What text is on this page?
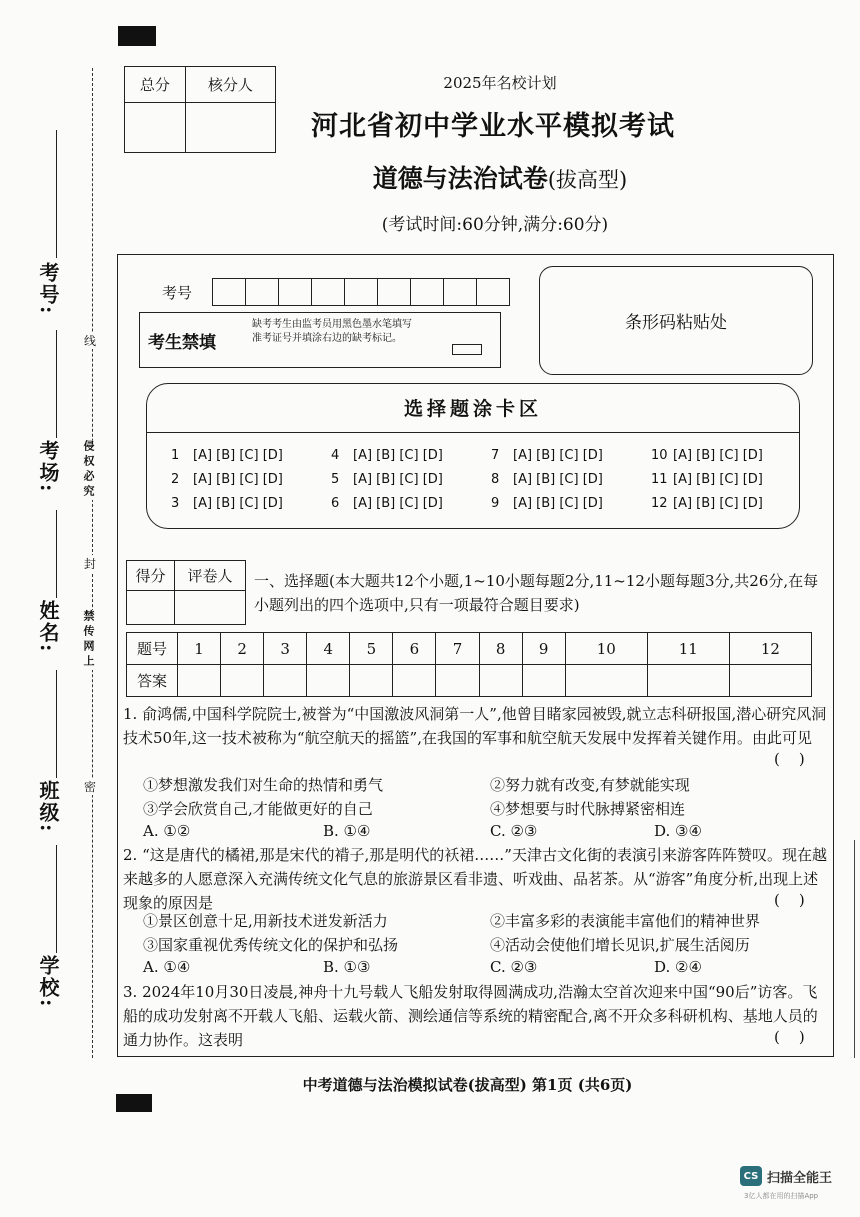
考号:
考场:
姓名:
班级:
学校:
线
侵权必究
封
禁传网上
密
总分	核分人
		2025年名校计划
河北省初中学业水平模拟考试
道德与法治试卷(拔高型)
(考试时间:60分钟,满分:60分)
考号
考生禁填
缺考考生由监考员用黑色墨水笔填写准考证号并填涂右边的缺考标记。
条形码粘贴处
选择题涂卡区
1 [A] [B] [C] [D]
2 [A] [B] [C] [D]
3 [A] [B] [C] [D]
4 [A] [B] [C] [D]
5 [A] [B] [C] [D]
6 [A] [B] [C] [D]
7 [A] [B] [C] [D]
8 [A] [B] [C] [D]
9 [A] [B] [C] [D]
10 [A] [B] [C] [D]
11 [A] [B] [C] [D]
12 [A] [B] [C] [D]
得分	评卷人
	一、选择题(本大题共12个小题,1~10小题每题2分,11~12小题每题3分,共26分,在每小题列出的四个选项中,只有一项最符合题目要求)
题号	1	2	3	4	5	6	7	8	9	10	11	12
答案												
1. 俞鸿儒,中国科学院院士,被誉为“中国激波风洞第一人”,他曾目睹家园被毁,就立志科研报国,潜心研究风洞技术50年,这一技术被称为“航空航天的摇篮”,在我国的军事和航空航天发展中发挥着关键作用。由此可见
(    )
①梦想激发我们对生命的热情和勇气	②努力就有改变,有梦就能实现
③学会欣赏自己,才能做更好的自己	④梦想要与时代脉搏紧密相连
A. ①②	B. ①④	C. ②③	D. ③④
2. “这是唐代的橘裙,那是宋代的褙子,那是明代的袄裙……”天津古文化街的表演引来游客阵阵赞叹。现在越来越多的人愿意深入充满传统文化气息的旅游景区看非遗、听戏曲、品茗茶。从“游客”角度分析,出现上述现象的原因是	(    )
①景区创意十足,用新技术迸发新活力	②丰富多彩的表演能丰富他们的精神世界
③国家重视优秀传统文化的保护和弘扬	④活动会使他们增长见识,扩展生活阅历
A. ①④	B. ①③	C. ②③	D. ②④
3. 2024年10月30日凌晨,神舟十九号载人飞船发射取得圆满成功,浩瀚太空首次迎来中国“90后”访客。飞船的成功发射离不开载人飞船、运载火箭、测绘通信等系统的精密配合,离不开众多科研机构、基地人员的通力协作。这表明	(    )
中考道德与法治模拟试卷(拔高型) 第1页 (共6页)
CS 扫描全能王
3亿人都在用的扫描App
